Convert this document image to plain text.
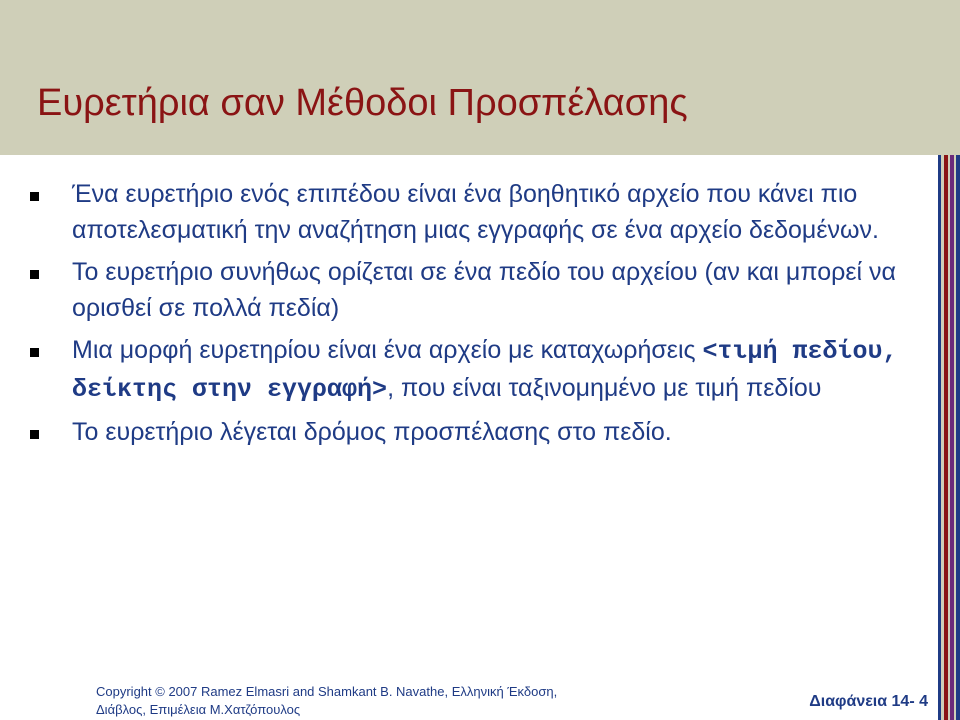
Ευρετήρια σαν Μέθοδοι Προσπέλασης
Ένα ευρετήριο ενός επιπέδου είναι ένα βοηθητικό αρχείο που κάνει πιο αποτελεσματική την αναζήτηση μιας εγγραφής σε ένα αρχείο δεδομένων.
Το ευρετήριο συνήθως ορίζεται σε ένα πεδίο του αρχείου (αν και μπορεί να ορισθεί σε πολλά πεδία)
Μια μορφή ευρετηρίου είναι ένα αρχείο με καταχωρήσεις <τιμή πεδίου, δείκτης στην εγγραφή>, που είναι ταξινομημένο με τιμή πεδίου
Το ευρετήριο λέγεται δρόμος προσπέλασης στο πεδίο.
Copyright © 2007 Ramez Elmasri and Shamkant B. Navathe, Ελληνική Έκδοση,
Διάβλος, Επιμέλεια Μ.Χατζόπουλος	Διαφάνεια 14- 4
